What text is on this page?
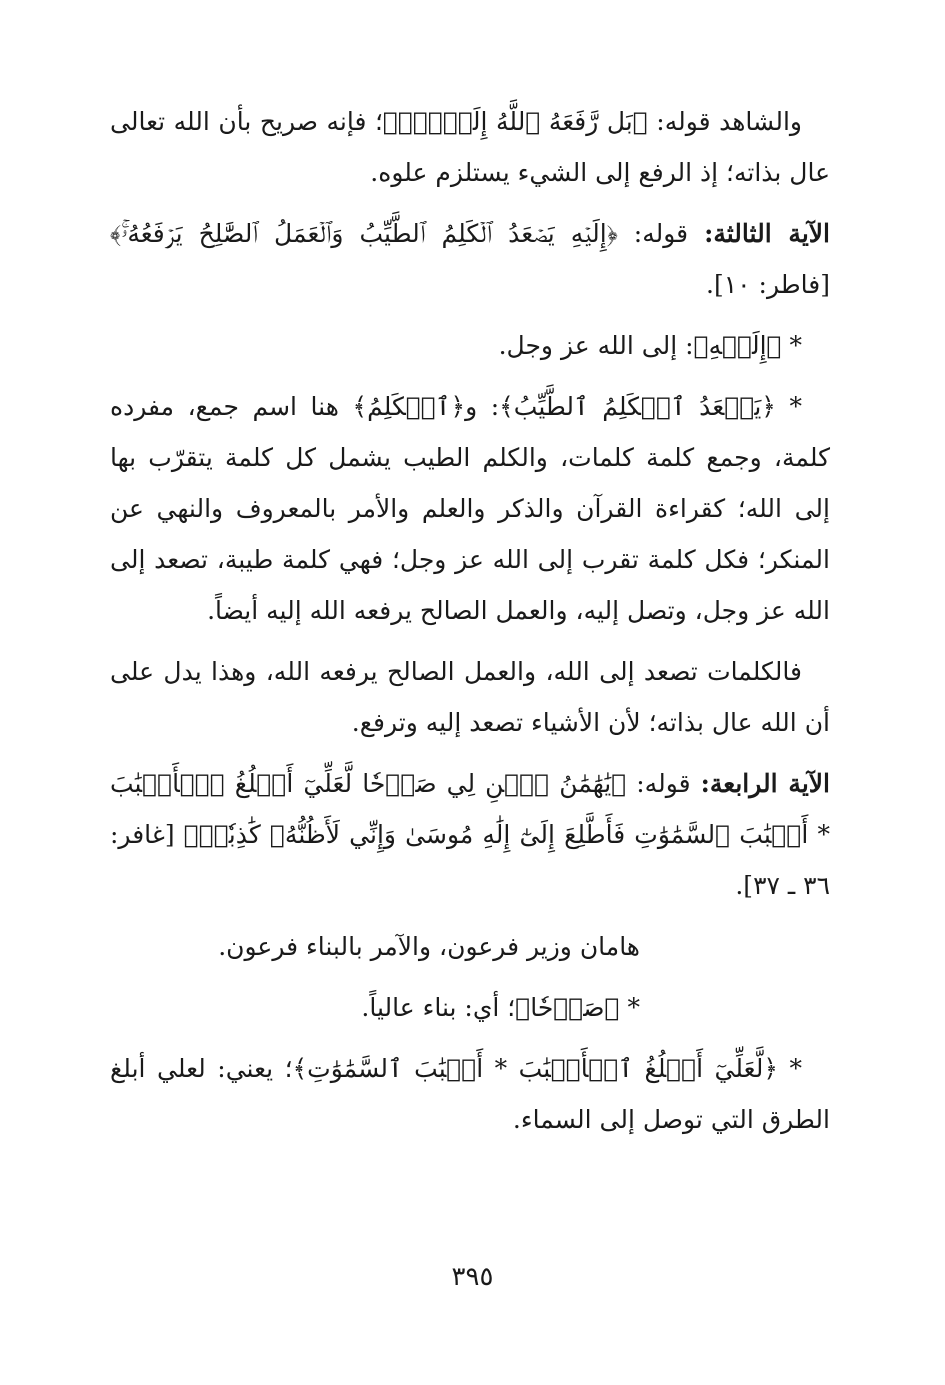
والشاهد قوله: ﴿بَل رَّفَعَهُ ٱللَّهُ إِلَيۡهِۚ﴾؛ فإنه صريح بأن الله تعالى عال بذاته؛ إذ الرفع إلى الشيء يستلزم علوه.

الآية الثالثة: قوله: ﴿إِلَيۡهِ يَصۡعَدُ ٱلۡكَلِمُ ٱلطَّيِّبُ وَٱلۡعَمَلُ ٱلصَّٰلِحُ يَرۡفَعُهُۥۚ﴾ [فاطر: ١٠].

* ﴿إِلَيۡهِ﴾: إلى الله عز وجل.

* ﴿يَصۡعَدُ ٱلۡكَلِمُ ٱلطَّيِّبُ﴾: و﴿ٱلۡكَلِمُ﴾ هنا اسم جمع، مفرده كلمة، وجمع كلمة كلمات، والكلم الطيب يشمل كل كلمة يتقرّب بها إلى الله؛ كقراءة القرآن والذكر والعلم والأمر بالمعروف والنهي عن المنكر؛ فكل كلمة تقرب إلى الله عز وجل؛ فهي كلمة طيبة، تصعد إلى الله عز وجل، وتصل إليه، والعمل الصالح يرفعه الله إليه أيضاً.

فالكلمات تصعد إلى الله، والعمل الصالح يرفعه الله، وهذا يدل على أن الله عال بذاته؛ لأن الأشياء تصعد إليه وترفع.

الآية الرابعة: قوله: ﴿يَٰهَٰمَٰنُ ٱبۡنِ لِي صَرۡحٗا لَّعَلِّيٓ أَبۡلُغُ ٱلۡأَسۡبَٰبَ * أَسۡبَٰبَ ٱلسَّمَٰوَٰتِ فَأَطَّلِعَ إِلَىٰٓ إِلَٰهِ مُوسَىٰ وَإِنِّي لَأَظُنُّهُۥ كَٰذِبٗاۚ﴾ [غافر: ٣٦ ـ ٣٧].

هامان وزير فرعون، والآمر بالبناء فرعون.

* ﴿صَرۡحٗا﴾؛ أي: بناء عالياً.

* ﴿لَّعَلِّيٓ أَبۡلُغُ ٱلۡأَسۡبَٰبَ * أَسۡبَٰبَ ٱلسَّمَٰوَٰتِ﴾؛ يعني: لعلي أبلغ الطرق التي توصل إلى السماء.

٣٩٥
